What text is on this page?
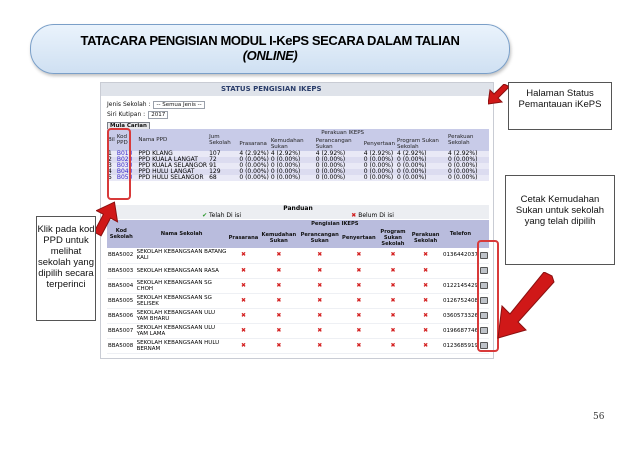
TATACARA PENGISIAN MODUL I-KePS SECARA DALAM TALIAN
(ONLINE)
STATUS PENGISIAN IKEPS
Jenis Sekolah :	-- Semua Jenis --
Siri Kutipan :	2017
Mula Carian
Bil	Kod PPD	Nama PPD	Jum Sekolah	Perakuan IKEPS					Perakuan Sekolah
				Prasarana	Kemudahan Sukan	Perancangan Sukan	Penyertaan	Program Sukan Sekolah	
1	B010	PPD KLANG	107	4 (2.92%)	4 (2.92%)	4 (2.92%)	4 (2.92%)	4 (2.92%)	4 (2.92%)
2	B020	PPD KUALA LANGAT	72	0 (0.00%)	0 (0.00%)	0 (0.00%)	0 (0.00%)	0 (0.00%)	0 (0.00%)
3	B030	PPD KUALA SELANGOR	91	0 (0.00%)	0 (0.00%)	0 (0.00%)	0 (0.00%)	0 (0.00%)	0 (0.00%)
4	B040	PPD HULU LANGAT	129	0 (0.00%)	0 (0.00%)	0 (0.00%)	0 (0.00%)	0 (0.00%)	0 (0.00%)
5	B050	PPD HULU SELANGOR	68	0 (0.00%)	0 (0.00%)	0 (0.00%)	0 (0.00%)	0 (0.00%)	0 (0.00%)
Panduan
✔ Telah Di isi	✖ Belum Di isi
Kod Sekolah	Nama Sekolah	Pengisian IKEPS						Telefon	
		Prasarana	Kemudahan Sukan	Perancangan Sukan	Penyertaan	Program Sukan Sekolah	Perakuan Sekolah		
BBA5002	SEKOLAH KEBANGSAAN BATANG KALI	✖	✖	✖	✖	✖	✖	0136442037	
BBA5003	SEKOLAH KEBANGSAAN RASA	✖	✖	✖	✖	✖	✖		
BBA5004	SEKOLAH KEBANGSAAN SG CHOH	✖	✖	✖	✖	✖	✖	0122145429	
BBA5005	SEKOLAH KEBANGSAAN SG SELISEK	✖	✖	✖	✖	✖	✖	0126752408	
BBA5006	SEKOLAH KEBANGSAAN ULU YAM BHARU	✖	✖	✖	✖	✖	✖	0360573326	
BBA5007	SEKOLAH KEBANGSAAN ULU YAM LAMA	✖	✖	✖	✖	✖	✖	0196687746	
BBA5008	SEKOLAH KEBANGSAAN HULU BERNAM	✖	✖	✖	✖	✖	✖	0123685919	
Klik pada kod PPD untuk melihat sekolah yang dipilih secara terperinci
Halaman Status Pemantauan iKePS
Cetak Kemudahan Sukan untuk sekolah yang telah dipilih
56
